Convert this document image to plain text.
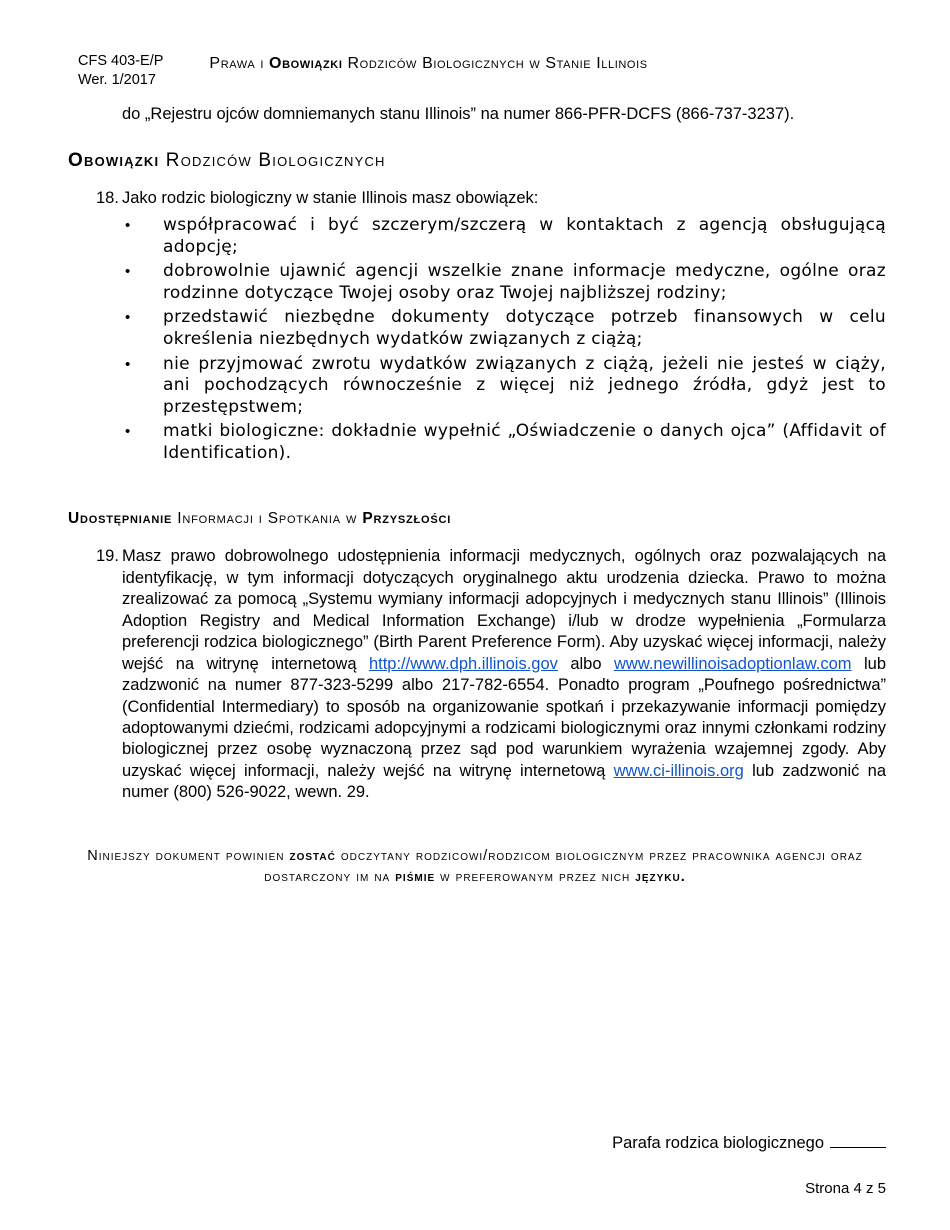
CFS 403-E/P
Wer. 1/2017
Prawa i Obowiązki Rodziców Biologicznych w Stanie Illinois

do „Rejestru ojców domniemanych stanu Illinois” na numer 866-PFR-DCFS (866-737-3237).

Obowiązki Rodziców Biologicznych
18. Jako rodzic biologiczny w stanie Illinois masz obowiązek:
•	współpracować i być szczerym/szczerą w kontaktach z agencją obsługującą adopcję;
•	dobrowolnie ujawnić agencji wszelkie znane informacje medyczne, ogólne oraz rodzinne dotyczące Twojej osoby oraz Twojej najbliższej rodziny;
•	przedstawić niezbędne dokumenty dotyczące potrzeb finansowych w celu określenia niezbędnych wydatków związanych z ciążą;
•	nie przyjmować zwrotu wydatków związanych z ciążą, jeżeli nie jesteś w ciąży, ani pochodzących równocześnie z więcej niż jednego źródła, gdyż jest to przestępstwem;
•	matki biologiczne: dokładnie wypełnić „Oświadczenie o danych ojca” (Affidavit of Identification).
Udostępnianie Informacji i Spotkania w Przyszłości
19. Masz prawo dobrowolnego udostępnienia informacji medycznych, ogólnych oraz pozwalających na identyfikację, w tym informacji dotyczących oryginalnego aktu urodzenia dziecka. Prawo to można zrealizować za pomocą „Systemu wymiany informacji adopcyjnych i medycznych stanu Illinois” (Illinois Adoption Registry and Medical Information Exchange) i/lub w drodze wypełnienia „Formularza preferencji rodzica biologicznego” (Birth Parent Preference Form). Aby uzyskać więcej informacji, należy wejść na witrynę internetową http://www.dph.illinois.gov albo www.newillinoisadoptionlaw.com lub zadzwonić na numer 877-323-5299 albo 217-782-6554. Ponadto program „Poufnego pośrednictwa” (Confidential Intermediary) to sposób na organizowanie spotkań i przekazywanie informacji pomiędzy adoptowanymi dziećmi, rodzicami adopcyjnymi a rodzicami biologicznymi oraz innymi członkami rodziny biologicznej przez osobę wyznaczoną przez sąd pod warunkiem wyrażenia wzajemnej zgody. Aby uzyskać więcej informacji, należy wejść na witrynę internetową www.ci-illinois.org lub zadzwonić na numer (800) 526-9022, wewn. 29.

Niniejszy dokument powinien zostać odczytany rodzicowi/rodzicom biologicznym przez pracownika agencji oraz dostarczony im na piśmie w preferowanym przez nich języku.

Parafa rodzica biologicznego
Strona 4 z 5
